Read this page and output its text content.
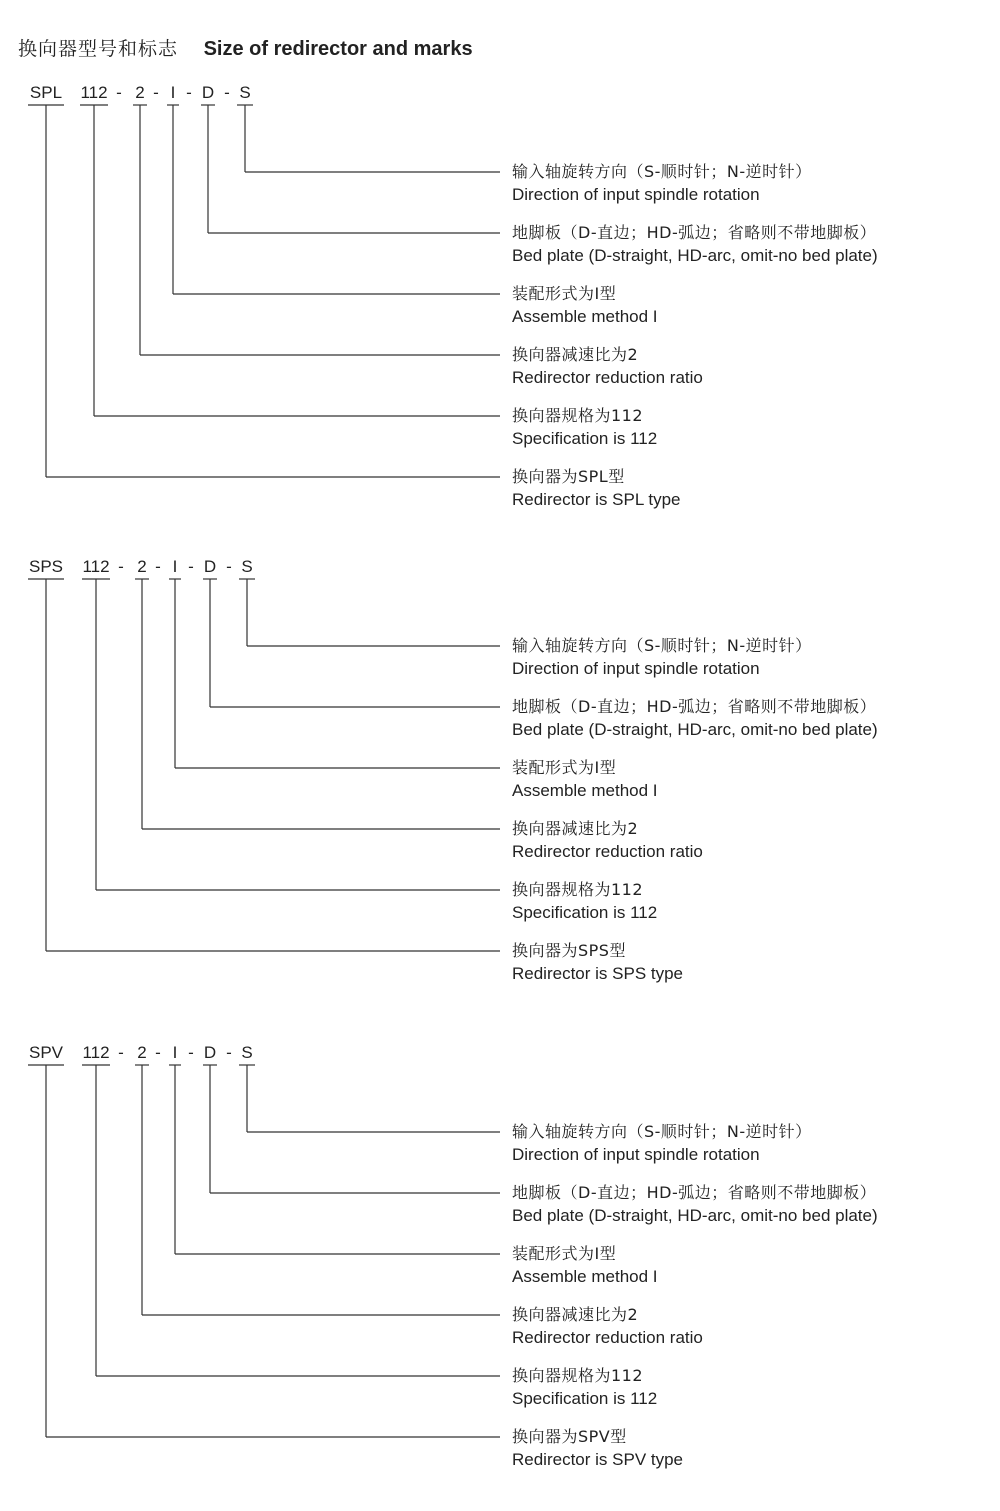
换向器型号和标志 Size of redirector and marks
SPL 112 - 2 - I - D - S
输入轴旋转方向（S-顺时针；N-逆时针）
Direction of input spindle rotation
地脚板（D-直边；HD-弧边；省略则不带地脚板）
Bed plate (D-straight, HD-arc, omit-no bed plate)
装配形式为I型
Assemble method I
换向器减速比为2
Redirector reduction ratio
换向器规格为112
Specification is 112
换向器为SPL型
Redirector is SPL type
SPS 112 - 2 - I - D - S
输入轴旋转方向（S-顺时针；N-逆时针）
Direction of input spindle rotation
地脚板（D-直边；HD-弧边；省略则不带地脚板）
Bed plate (D-straight, HD-arc, omit-no bed plate)
装配形式为I型
Assemble method I
换向器减速比为2
Redirector reduction ratio
换向器规格为112
Specification is 112
换向器为SPS型
Redirector is SPS type
SPV 112 - 2 - I - D - S
输入轴旋转方向（S-顺时针；N-逆时针）
Direction of input spindle rotation
地脚板（D-直边；HD-弧边；省略则不带地脚板）
Bed plate (D-straight, HD-arc, omit-no bed plate)
装配形式为I型
Assemble method I
换向器减速比为2
Redirector reduction ratio
换向器规格为112
Specification is 112
换向器为SPV型
Redirector is SPV type
